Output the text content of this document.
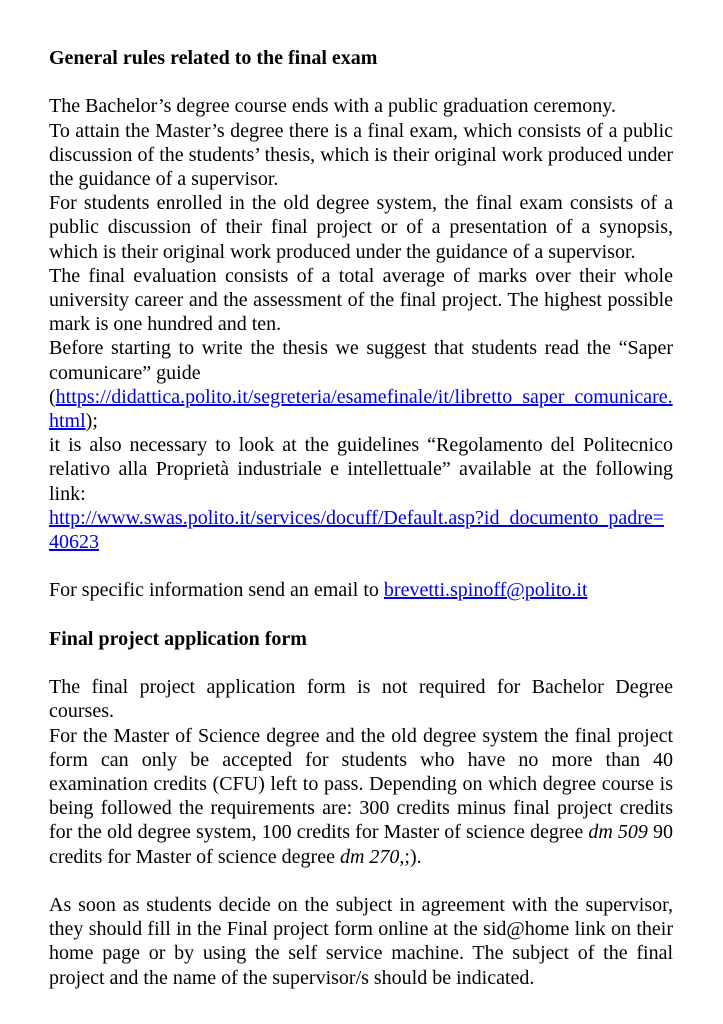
General rules related to the final exam

The Bachelor’s degree course ends with a public graduation ceremony.

To attain the Master’s degree there is a final exam, which consists of a public discussion of the students’ thesis, which is their original work produced under the guidance of a supervisor.

For students enrolled in the old degree system, the final exam consists of a public discussion of their final project or of a presentation of a synopsis, which is their original work produced under the guidance of a supervisor.

The final evaluation consists of a total average of marks over their whole university career and the assessment of the final project. The highest possible mark is one hundred and ten.

Before starting to write the thesis we suggest that students read the “Saper comunicare” guide
(https://didattica.polito.it/segreteria/esamefinale/it/libretto_saper_comunicare.html);

it is also necessary to look at the guidelines “Regolamento del Politecnico relativo alla Proprietà industriale e intellettuale” available at the following link:

http://www.swas.polito.it/services/docuff/Default.asp?id_documento_padre=40623

For specific information send an email to brevetti.spinoff@polito.it

Final project application form

The final project application form is not required for Bachelor Degree courses.

For the Master of Science degree and the old degree system the final project form can only be accepted for students who have no more than 40 examination credits (CFU) left to pass. Depending on which degree course is being followed the requirements are: 300 credits minus final project credits for the old degree system, 100 credits for Master of science degree dm 509 90 credits for Master of science degree dm 270,;).

As soon as students decide on the subject in agreement with the supervisor, they should fill in the Final project form online at the sid@home link on their home page or by using the self service machine. The subject of the final project and the name of the supervisor/s should be indicated.
